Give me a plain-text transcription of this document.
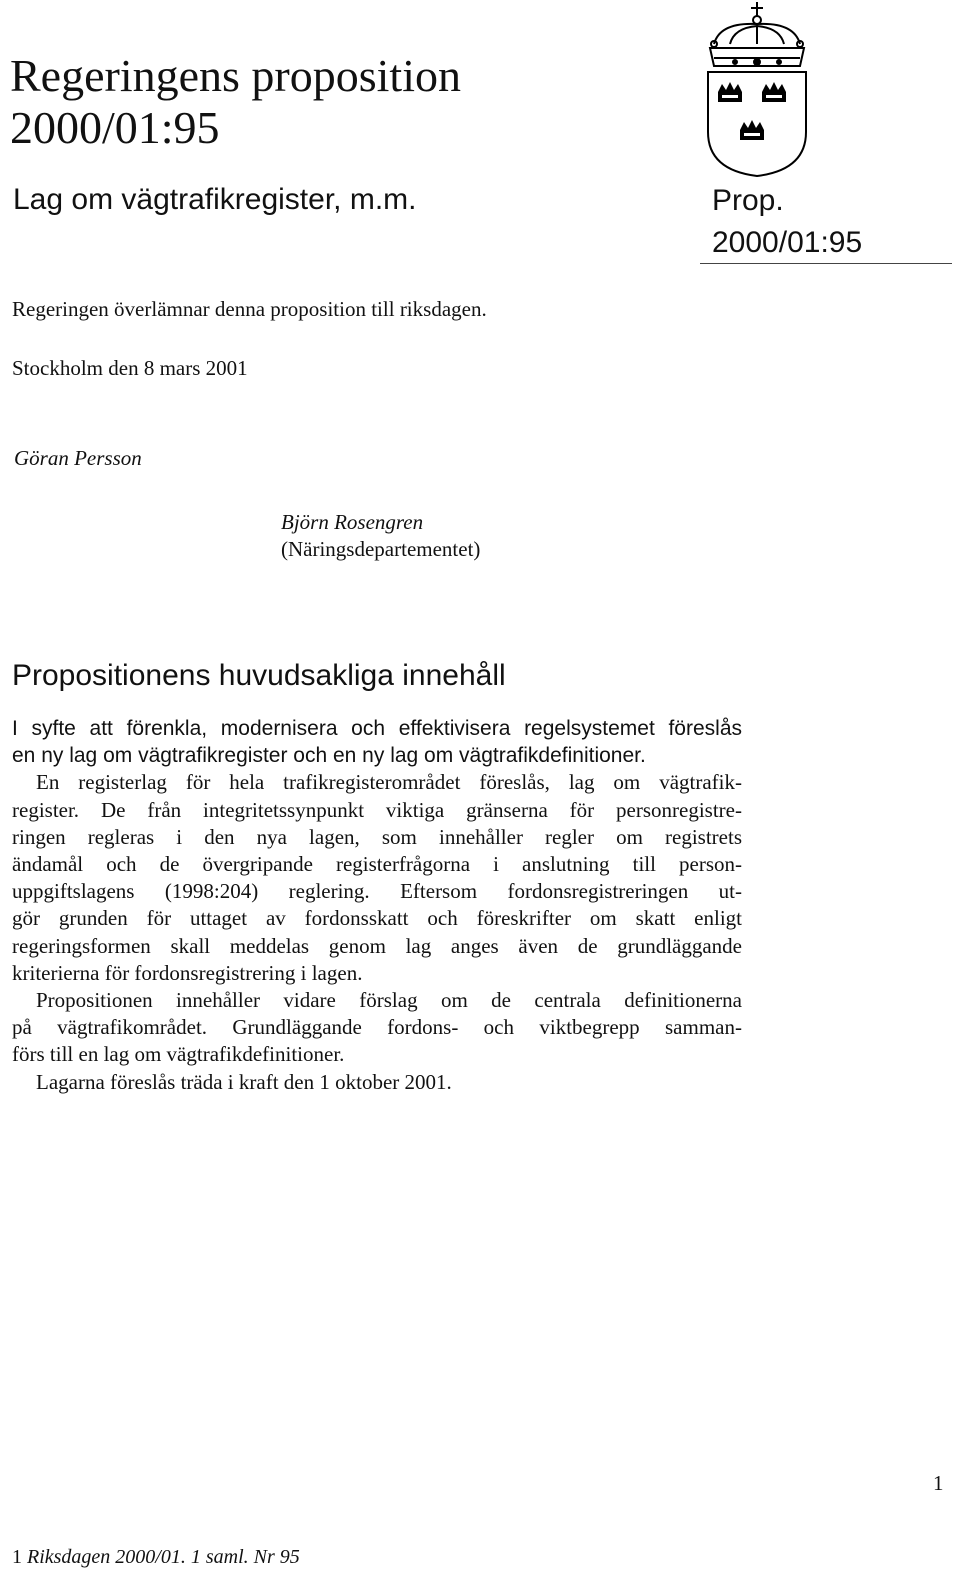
Regeringens proposition
2000/01:95
Lag om vägtrafikregister, m.m.	Prop.
2000/01:95
Regeringen överlämnar denna proposition till riksdagen.
Stockholm den 8 mars 2001
Göran Persson
Björn Rosengren
(Näringsdepartementet)
Propositionens huvudsakliga innehåll

I syfte att förenkla, modernisera och effektivisera regelsystemet föreslås
en ny lag om vägtrafikregister och en ny lag om vägtrafikdefinitioner.

En registerlag för hela trafikregisterområdet föreslås, lag om vägtrafik-
register. De från integritetssynpunkt viktiga gränserna för personregistre-
ringen regleras i den nya lagen, som innehåller regler om registrets
ändamål och de övergripande registerfrågorna i anslutning till person-
uppgiftslagens (1998:204) reglering. Eftersom fordonsregistreringen ut-
gör grunden för uttaget av fordonsskatt och föreskrifter om skatt enligt
regeringsformen skall meddelas genom lag anges även de grundläggande
kriterierna för fordonsregistrering i lagen.

Propositionen innehåller vidare förslag om de centrala definitionerna
på vägtrafikområdet. Grundläggande fordons- och viktbegrepp samman-
förs till en lag om vägtrafikdefinitioner.

Lagarna föreslås träda i kraft den 1 oktober 2001.

1
1 Riksdagen 2000/01. 1 saml. Nr 95
